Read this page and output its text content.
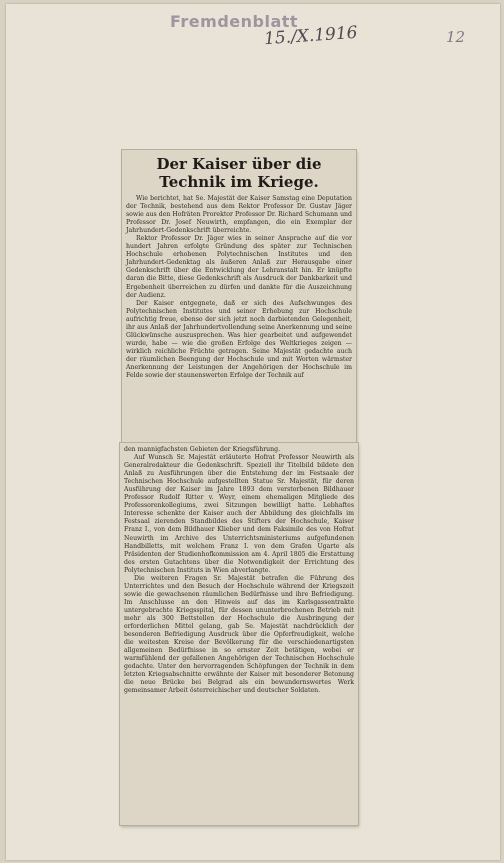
Fremdenblatt
15./X.1916	12
Der Kaiser über die Technik im Kriege.

Wie berichtet, hat Se. Majestät der Kaiser Samstag eine Deputation der Technik, bestehend aus dem Rektor Professor Dr. Gustav Jäger sowie aus den Hofräten Prorektor Professor Dr. Richard Schumann und Professor Dr. Josef Neuwirth, empfangen, die ein Exemplar der Jahrhundert-Gedenkschrift überreichte.

Rektor Professor Dr. Jäger wies in seiner Ansprache auf die vor hundert Jahren erfolgte Gründung des später zur Technischen Hochschule erhobenen Polytechnischen Institutes und den Jahrhundert-Gedenktag als äußeren Anlaß zur Herausgabe einer Gedenkschrift über die Entwicklung der Lehranstalt hin. Er knüpfte daran die Bitte, diese Gedenkschrift als Ausdruck der Dankbarkeit und Ergebenheit überreichen zu dürfen und dankte für die Auszeichnung der Audienz.

Der Kaiser entgegnete, daß er sich des Aufschwunges des Polytechnischen Institutes und seiner Erhebung zur Hochschule aufrichtig freue, ebenso der sich jetzt noch darbietenden Gelegenheit, ihr aus Anlaß der Jahrhundertvollendung seine Anerkennung und seine Glückwünsche auszusprechen. Was hier gearbeitet und aufgewendet wurde, habe — wie die großen Erfolge des Weltkrieges zeigen — wirklich reichliche Früchte getragen. Seine Majestät gedachte auch der räumlichen Beengung der Hochschule und mit Worten wärmster Anerkennung der Leistungen der Angehörigen der Hochschule im Felde sowie der staunenswerten Erfolge der Technik auf

den mannigfachsten Gebieten der Kriegsführung.

Auf Wunsch Sr. Majestät erläuterte Hofrat Professor Neuwirth als Generalredakteur die Gedenkschrift. Speziell ihr Titelbild bildete den Anlaß zu Ausführungen über die Entstehung der im Festsaale der Technischen Hochschule aufgestellten Statue Sr. Majestät, für deren Ausführung der Kaiser im Jahre 1893 dem verstorbenen Bildhauer Professor Rudolf Ritter v. Weyr, einem ehemaligen Mitgliede des Professorenkollegiums, zwei Sitzungen bewilligt hatte. Lebhaftes Interesse schenkte der Kaiser auch der Abbildung des gleichfalls im Festsaal zierenden Standbildes des Stifters der Hochschule, Kaiser Franz I., von dem Bildhauer Klieber und dem Faksimile des von Hofrat Neuwirth im Archive des Unterrichtsministeriums aufgefundenen Handbilletts, mit welchem Franz I. von dem Grafen Ugarte als Präsidenten der Studienhofkommission am 4. April 1805 die Erstattung des ersten Gutachtens über die Notwendigkeit der Errichtung des Polytechnischen Instituts in Wien abverlangte.

Die weiteren Fragen Sr. Majestät betrafen die Führung des Unterrichtes und den Besuch der Hochschule während der Kriegszeit sowie die gewachsenen räumlichen Bedürfnisse und ihre Befriedigung. Im Anschlusse an den Hinweis auf das im Karlsgassentrakte untergebrachte Kriegsspital, für dessen ununterbrochenen Betrieb mit mehr als 300 Bettstellen der Hochschule die Ausbringung der erforderlichen Mittel gelang, gab Se. Majestät nachdrücklich der besonderen Befriedigung Ausdruck über die Opferfreudigkeit, welche die weitesten Kreise der Bevölkerung für die verschiedenartigsten allgemeinen Bedürfnisse in so ernster Zeit betätigen, wobei er warmfühlend der gefallenen Angehörigen der Technischen Hochschule gedachte. Unter den hervorragenden Schöpfungen der Technik in dem letzten Kriegsabschnitte erwähnte der Kaiser mit besonderer Betonung die neue Brücke bei Belgrad als ein bewundernswertes Werk gemeinsamer Arbeit österreichischer und deutscher Soldaten.
